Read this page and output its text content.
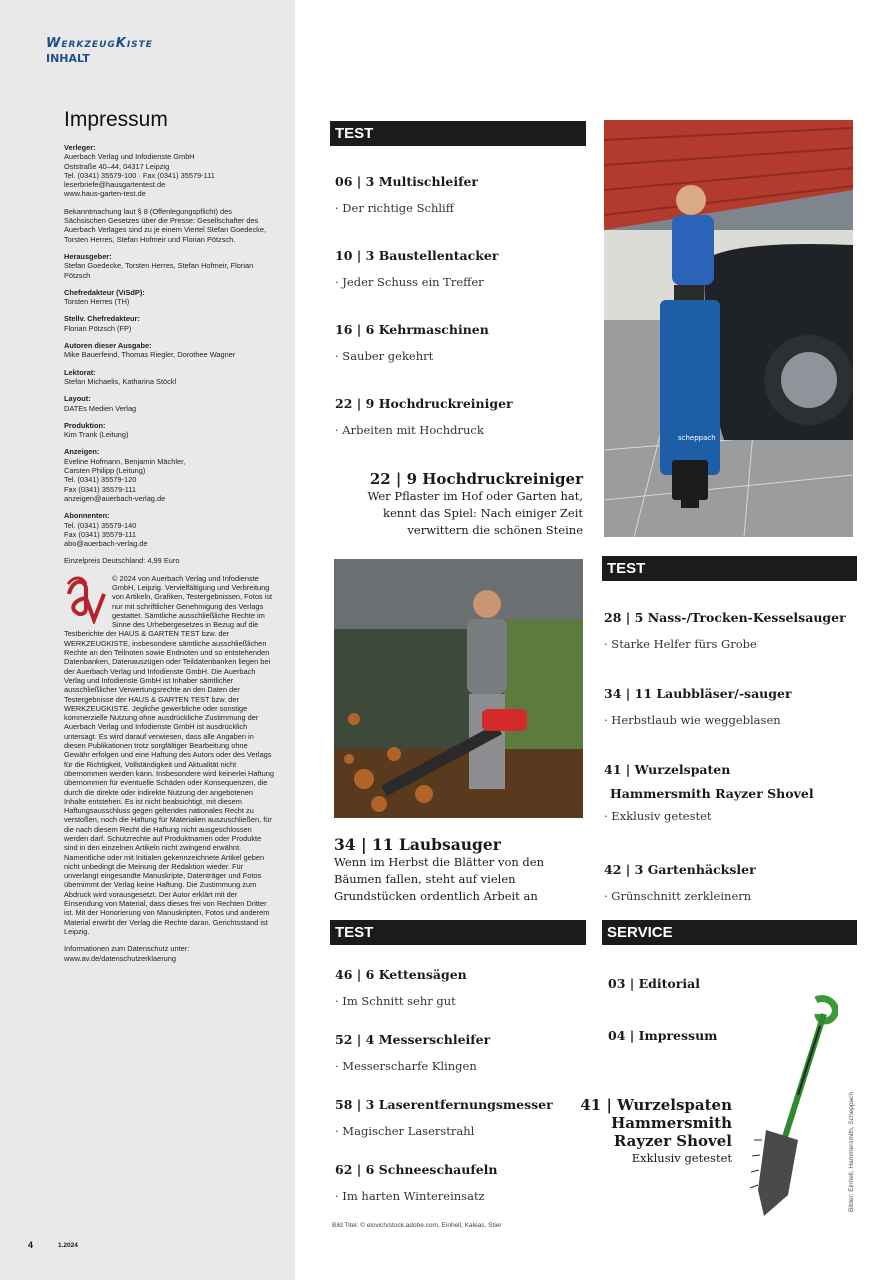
WerkzeugKiste
INHALT
Impressum

Verleger:
Auerbach Verlag und Infodienste GmbH
Oststraße 40–44, 04317 Leipzig
Tel. (0341) 35579-100 · Fax (0341) 35579-111
leserbriefe@hausgartentest.de
www.haus-garten-test.de

Bekanntmachung laut § 8 (Offenlegungspflicht) des Sächsischen Gesetzes über die Presse: Gesellschafter des Auerbach Verlages sind zu je einem Viertel Stefan Goedecke, Torsten Herres, Stefan Hofmeir und Florian Pötzsch.

Herausgeber:
Stefan Goedecke, Torsten Herres, Stefan Hofmeir, Florian Pötzsch

Chefredakteur (ViSdP):
Torsten Herres (TH)

Stellv. Chefredakteur:
Florian Pötzsch (FP)

Autoren dieser Ausgabe:
Mike Bauerfeind, Thomas Riegler, Dorothee Wagner

Lektorat:
Stefan Michaelis, Katharina Stöckl

Layout:
DATEs Medien Verlag

Produktion:
Kim Trank (Leitung)

Anzeigen:
Eveline Hofmann, Benjamin Mächler,
Carsten Philipp (Leitung)
Tel. (0341) 35579-120
Fax (0341) 35579-111
anzeigen@auerbach-verlag.de

Abonnenten:
Tel. (0341) 35579-140
Fax (0341) 35579-111
abo@auerbach-verlag.de

Einzelpreis Deutschland: 4,99 Euro

© 2024 von Auerbach Verlag und Infodienste GmbH, Leipzig. Vervielfältigung und Verbreitung von Artikeln, Grafiken, Testergebnissen, Fotos ist nur mit schriftlicher Genehmigung des Verlags gestattet. Sämtliche ausschließliche Rechte im Sinne des Urhebergesetzes in Bezug auf die Testberichte der HAUS & GARTEN TEST bzw. der WERKZEUGKISTE, insbesondere sämtliche ausschließlichen Rechte an den Teilnoten sowie Endnoten und so entstehenden Datenbanken, Datenauszügen oder Teildatenbanken liegen bei der Auerbach Verlag und Infodienste GmbH. Die Auerbach Verlag und Infodienste GmbH ist Inhaber sämtlicher ausschließlicher Verwertungsrechte an den Daten der Testergebnisse der HAUS & GARTEN TEST bzw. der WERKZEUGKISTE. Jegliche gewerbliche oder sonstige kommerzielle Nutzung ohne ausdrückliche Zustimmung der Auerbach Verlag und Infodienste GmbH ist ausdrücklich untersagt. Es wird darauf verwiesen, dass alle Angaben in diesen Publikationen trotz sorgfältiger Bearbeitung ohne Gewähr erfolgen und eine Haftung des Autors oder des Verlags für die Richtigkeit, Vollständigkeit und Aktualität nicht übernommen werden kann. Insbesondere wird keinerlei Haftung übernommen für eventuelle Schäden oder Konsequenzen, die durch die direkte oder indirekte Nutzung der angebotenen Inhalte entstehen. Es ist nicht beabsichtigt, mit diesem Haftungsausschluss gegen geltendes nationales Recht zu verstoßen, noch die Haftung für Materialien auszuschließen, für die nach diesem Recht die Haftung nicht ausgeschlossen werden darf. Schutzrechte auf Produktnamen oder Produkte sind in den einzelnen Artikeln nicht zwingend erwähnt. Namentliche oder mit Initialen gekennzeichnete Artikel geben nicht unbedingt die Meinung der Redaktion wieder. Für unverlangt eingesandte Manuskripte, Datenträger und Fotos übernimmt der Verlag keine Haftung. Die Zustimmung zum Abdruck wird vorausgesetzt. Der Autor erklärt mit der Einsendung von Material, dass dieses frei von Rechten Dritter ist. Mit der Honorierung von Manuskripten, Fotos und anderem Material erwirbt der Verlag die Rechte daran. Gerichtsstand ist Leipzig.

Informationen zum Datenschutz unter:
www.av.de/datenschutzerklaerung

4	1.2024
TEST
06 | 3 Multischleifer
· Der richtige Schliff
10 | 3 Baustellentacker
· Jeder Schuss ein Treffer
16 | 6 Kehrmaschinen
· Sauber gekehrt
22 | 9 Hochdruckreiniger
· Arbeiten mit Hochdruck
22 | 9 Hochdruckreiniger
Wer Pflaster im Hof oder Garten hat,
kennt das Spiel: Nach einiger Zeit
verwittern die schönen Steine
scheppach
TEST
28 | 5 Nass-/Trocken-Kesselsauger
· Starke Helfer fürs Grobe
34 | 11 Laubbläser/-sauger
· Herbstlaub wie weggeblasen
41 | Wurzelspaten
Hammersmith Rayzer Shovel
· Exklusiv getestet
42 | 3 Gartenhäcksler
· Grünschnitt zerkleinern
34 | 11 Laubsauger
Wenn im Herbst die Blätter von den
Bäumen fallen, steht auf vielen
Grundstücken ordentlich Arbeit an
TEST
46 | 6 Kettensägen
· Im Schnitt sehr gut
52 | 4 Messerschleifer
· Messerscharfe Klingen
58 | 3 Laserentfernungsmesser
· Magischer Laserstrahl
62 | 6 Schneeschaufeln
· Im harten Wintereinsatz
SERVICE
03 | Editorial
04 | Impressum
41 | Wurzelspaten
Hammersmith
Rayzer Shovel
Exklusiv getestet	Bilder: Einhell, Hammersmith, Scheppach
Bild Titel: © elovich/stock.adobe.com, Einhell, Kaleas, Stier
